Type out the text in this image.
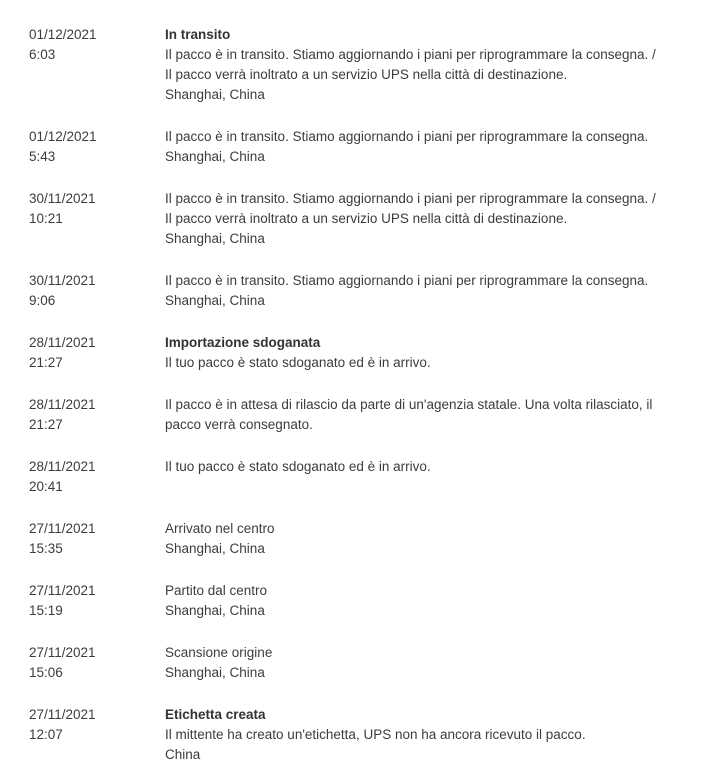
01/12/2021
6:03
In transito
Il pacco è in transito. Stiamo aggiornando i piani per riprogrammare la consegna. /
Il pacco verrà inoltrato a un servizio UPS nella città di destinazione.
Shanghai, China
01/12/2021
5:43
Il pacco è in transito. Stiamo aggiornando i piani per riprogrammare la consegna.
Shanghai, China
30/11/2021
10:21
Il pacco è in transito. Stiamo aggiornando i piani per riprogrammare la consegna. /
Il pacco verrà inoltrato a un servizio UPS nella città di destinazione.
Shanghai, China
30/11/2021
9:06
Il pacco è in transito. Stiamo aggiornando i piani per riprogrammare la consegna.
Shanghai, China
28/11/2021
21:27
Importazione sdoganata
Il tuo pacco è stato sdoganato ed è in arrivo.
28/11/2021
21:27
Il pacco è in attesa di rilascio da parte di un'agenzia statale. Una volta rilasciato, il
pacco verrà consegnato.
28/11/2021
20:41
Il tuo pacco è stato sdoganato ed è in arrivo.
27/11/2021
15:35
Arrivato nel centro
Shanghai, China
27/11/2021
15:19
Partito dal centro
Shanghai, China
27/11/2021
15:06
Scansione origine
Shanghai, China
27/11/2021
12:07
Etichetta creata
Il mittente ha creato un'etichetta, UPS non ha ancora ricevuto il pacco.
China
